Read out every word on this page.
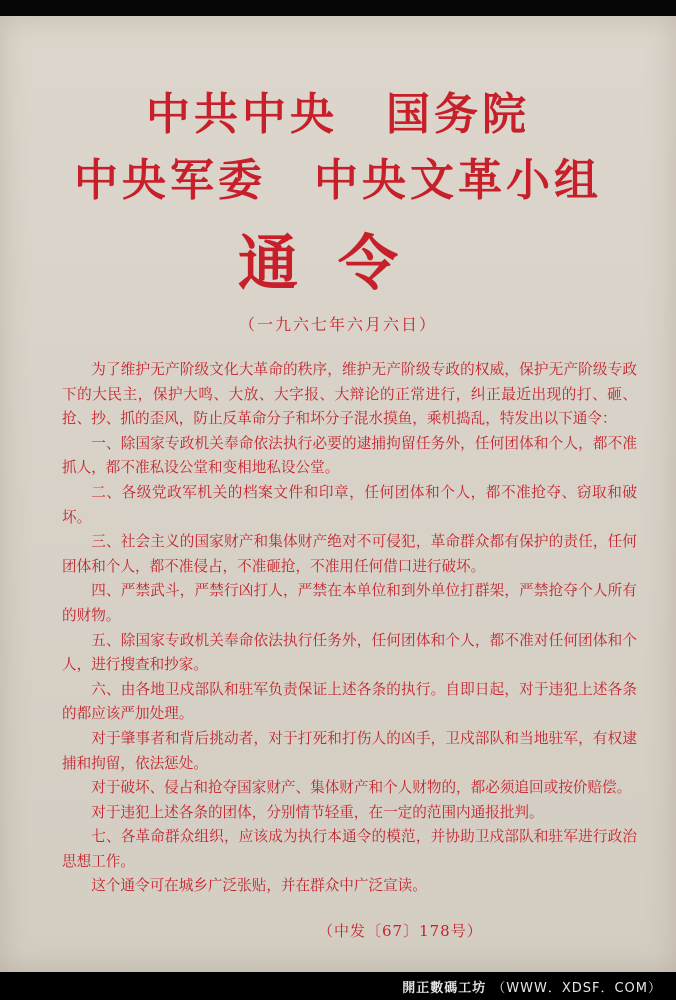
中共中央　国务院
中央军委　中央文革小组
通令
（一九六七年六月六日）

为了维护无产阶级文化大革命的秩序，维护无产阶级专政的权威，保护无产阶级专政下的大民主，保护大鸣、大放、大字报、大辩论的正常进行，纠正最近出现的打、砸、抢、抄、抓的歪风，防止反革命分子和坏分子混水摸鱼，乘机捣乱，特发出以下通令：

一、除国家专政机关奉命依法执行必要的逮捕拘留任务外，任何团体和个人，都不准抓人，都不准私设公堂和变相地私设公堂。

二、各级党政军机关的档案文件和印章，任何团体和个人，都不准抢夺、窃取和破坏。

三、社会主义的国家财产和集体财产绝对不可侵犯，革命群众都有保护的责任，任何团体和个人，都不准侵占，不准砸抢，不准用任何借口进行破坏。

四、严禁武斗，严禁行凶打人，严禁在本单位和到外单位打群架，严禁抢夺个人所有的财物。

五、除国家专政机关奉命依法执行任务外，任何团体和个人，都不准对任何团体和个人，进行搜查和抄家。

六、由各地卫戍部队和驻军负责保证上述各条的执行。自即日起，对于违犯上述各条的都应该严加处理。

对于肇事者和背后挑动者，对于打死和打伤人的凶手，卫戍部队和当地驻军，有权逮捕和拘留，依法惩处。

对于破坏、侵占和抢夺国家财产、集体财产和个人财物的，都必须追回或按价赔偿。

对于违犯上述各条的团体，分别情节轻重，在一定的范围内通报批判。

七、各革命群众组织，应该成为执行本通令的模范，并协助卫戍部队和驻军进行政治思想工作。

这个通令可在城乡广泛张贴，并在群众中广泛宣读。

（中发〔67〕178号）
開正數碼工坊 （WWW．XDSF．COM）
